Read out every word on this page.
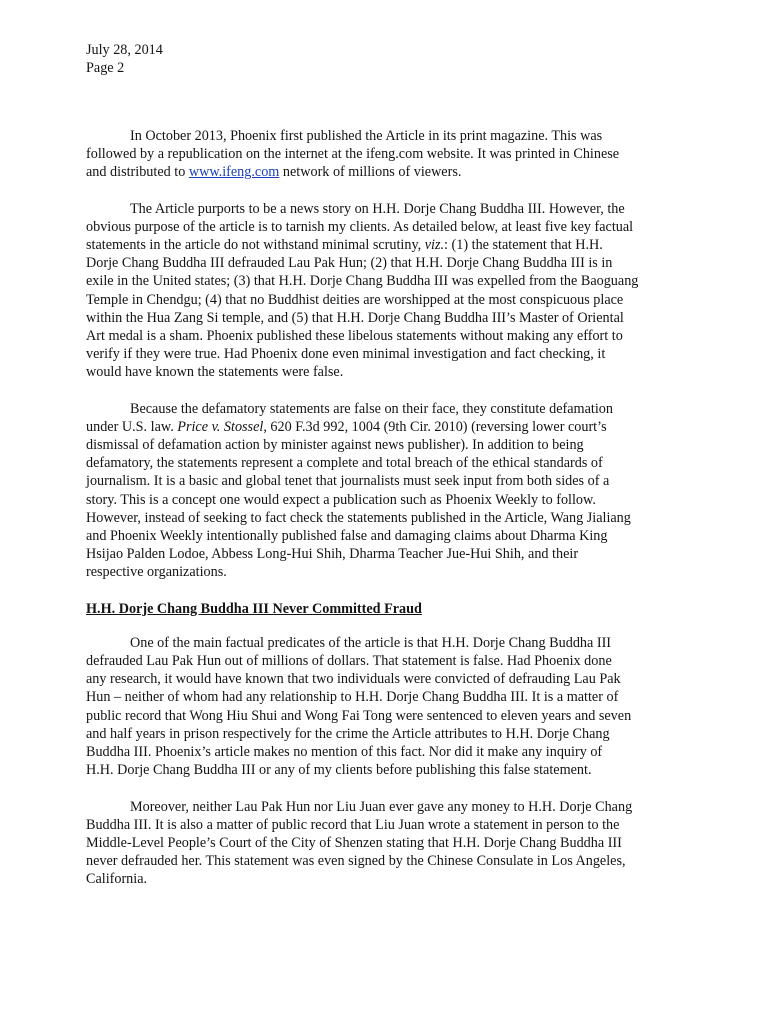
July 28, 2014
Page 2

In October 2013, Phoenix first published the Article in its print magazine. This was
followed by a republication on the internet at the ifeng.com website. It was printed in Chinese
and distributed to www.ifeng.com network of millions of viewers.

The Article purports to be a news story on H.H. Dorje Chang Buddha III. However, the
obvious purpose of the article is to tarnish my clients. As detailed below, at least five key factual
statements in the article do not withstand minimal scrutiny, viz.: (1) the statement that H.H.
Dorje Chang Buddha III defrauded Lau Pak Hun; (2) that H.H. Dorje Chang Buddha III is in
exile in the United states; (3) that H.H. Dorje Chang Buddha III was expelled from the Baoguang
Temple in Chendgu; (4) that no Buddhist deities are worshipped at the most conspicuous place
within the Hua Zang Si temple, and (5) that H.H. Dorje Chang Buddha III’s Master of Oriental
Art medal is a sham. Phoenix published these libelous statements without making any effort to
verify if they were true. Had Phoenix done even minimal investigation and fact checking, it
would have known the statements were false.

Because the defamatory statements are false on their face, they constitute defamation
under U.S. law. Price v. Stossel, 620 F.3d 992, 1004 (9th Cir. 2010) (reversing lower court’s
dismissal of defamation action by minister against news publisher). In addition to being
defamatory, the statements represent a complete and total breach of the ethical standards of
journalism. It is a basic and global tenet that journalists must seek input from both sides of a
story. This is a concept one would expect a publication such as Phoenix Weekly to follow.
However, instead of seeking to fact check the statements published in the Article, Wang Jialiang
and Phoenix Weekly intentionally published false and damaging claims about Dharma King
Hsijao Palden Lodoe, Abbess Long-Hui Shih, Dharma Teacher Jue-Hui Shih, and their
respective organizations.

H.H. Dorje Chang Buddha III Never Committed Fraud

One of the main factual predicates of the article is that H.H. Dorje Chang Buddha III
defrauded Lau Pak Hun out of millions of dollars. That statement is false. Had Phoenix done
any research, it would have known that two individuals were convicted of defrauding Lau Pak
Hun – neither of whom had any relationship to H.H. Dorje Chang Buddha III. It is a matter of
public record that Wong Hiu Shui and Wong Fai Tong were sentenced to eleven years and seven
and half years in prison respectively for the crime the Article attributes to H.H. Dorje Chang
Buddha III. Phoenix’s article makes no mention of this fact. Nor did it make any inquiry of
H.H. Dorje Chang Buddha III or any of my clients before publishing this false statement.

Moreover, neither Lau Pak Hun nor Liu Juan ever gave any money to H.H. Dorje Chang
Buddha III. It is also a matter of public record that Liu Juan wrote a statement in person to the
Middle-Level People’s Court of the City of Shenzen stating that H.H. Dorje Chang Buddha III
never defrauded her. This statement was even signed by the Chinese Consulate in Los Angeles,
California.
